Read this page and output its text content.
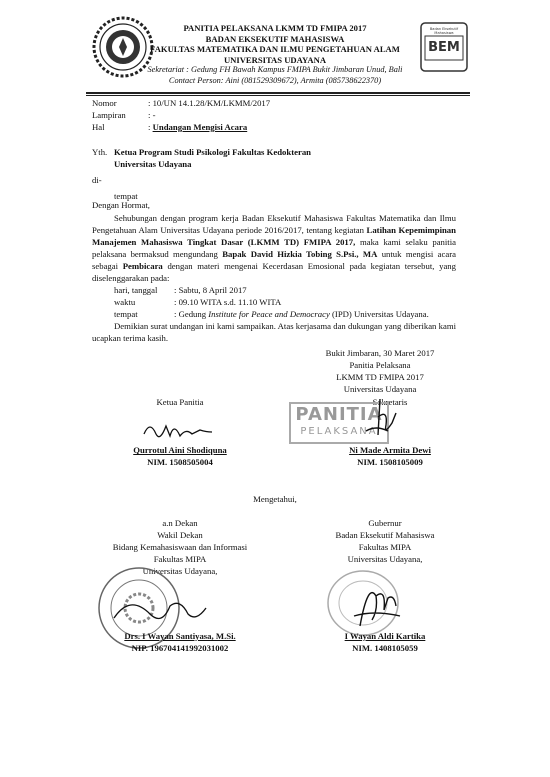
BEM
Badan Eksekutif Mahasiswa
PANITIA PELAKSANA LKMM TD FMIPA 2017
BADAN EKSEKUTIF MAHASISWA
FAKULTAS MATEMATIKA DAN ILMU PENGETAHUAN ALAM
UNIVERSITAS UDAYANA
Sekretariat : Gedung FH Bawah Kampus FMIPA Bukit Jimbaran Unud, Bali
Contact Person: Aini (081529309672), Armita (085738622370)
Nomor	: 10/UN 14.1.28/KM/LKMM/2017
Lampiran	: -
Hal	: Undangan Mengisi Acara
Yth. Ketua Program Studi Psikologi Fakultas Kedokteran
Universitas Udayana
di-
tempat
Dengan Hormat,
Sehubungan dengan program kerja Badan Eksekutif Mahasiswa Fakultas Matematika dan Ilmu Pengetahuan Alam Universitas Udayana periode 2016/2017, tentang kegiatan Latihan Kepemimpinan Manajemen Mahasiswa Tingkat Dasar (LKMM TD) FMIPA 2017, maka kami selaku panitia pelaksana bermaksud mengundang Bapak David Hizkia Tobing S.Psi., MA untuk mengisi acara sebagai Pembicara dengan materi mengenai Kecerdasan Emosional pada kegiatan tersebut, yang diselenggarakan pada:
hari, tanggal : Sabtu, 8 April 2017
waktu	: 09.10 WITA s.d. 11.10 WITA
tempat	: Gedung Institute for Peace and Democracy (IPD) Universitas Udayana.
Demikian surat undangan ini kami sampaikan. Atas kerjasama dan dukungan yang diberikan kami ucapkan terima kasih.
Bukit Jimbaran, 30 Maret 2017
Panitia Pelaksana
LKMM TD FMIPA 2017
Universitas Udayana
Ketua Panitia	Sekretaris
PANITIA
PELAKSANA
Qurrotul Aini Shodiquna
NIM. 1508505004
Ni Made Armita Dewi
NIM. 1508105009
Mengetahui,
a.n Dekan
Wakil Dekan
Bidang Kemahasiswaan dan Informasi
Fakultas MIPA
Universitas Udayana,
Gubernur
Badan Eksekutif Mahasiswa
Fakultas MIPA
Universitas Udayana,
Drs. I Wayan Santiyasa, M.Si.
NIP. 196704141992031002
I Wayan Aldi Kartika
NIM. 1408105059
